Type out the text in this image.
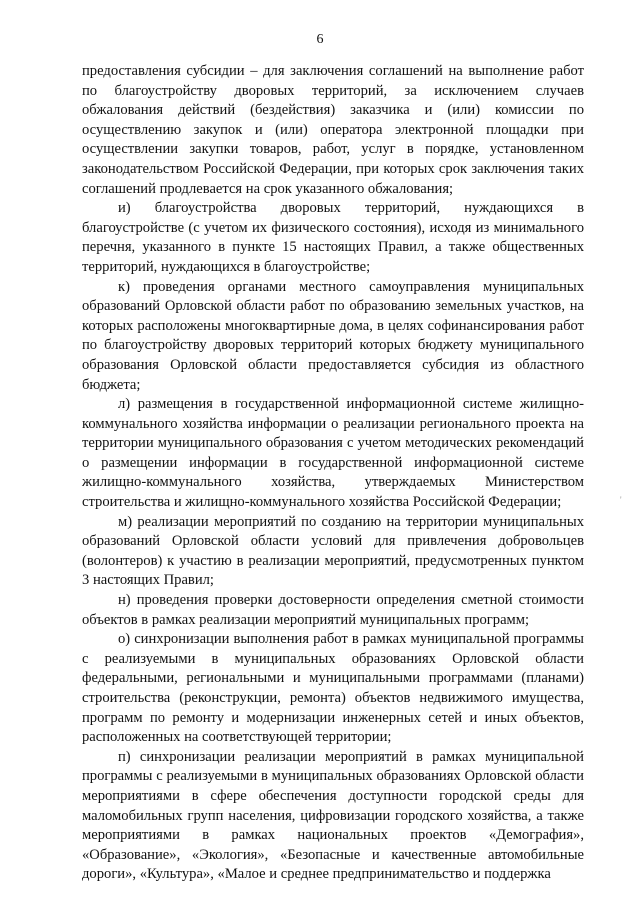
6

предоставления субсидии – для заключения соглашений на выполнение работ по благоустройству дворовых территорий, за исключением случаев обжалования действий (бездействия) заказчика и (или) комиссии по осуществлению закупок и (или) оператора электронной площадки при осуществлении закупки товаров, работ, услуг в порядке, установленном законодательством Российской Федерации, при которых срок заключения таких соглашений продлевается на срок указанного обжалования;

и) благоустройства дворовых территорий, нуждающихся в благоустройстве (с учетом их физического состояния), исходя из минимального перечня, указанного в пункте 15 настоящих Правил, а также общественных территорий, нуждающихся в благоустройстве;

к) проведения органами местного самоуправления муниципальных образований Орловской области работ по образованию земельных участков, на которых расположены многоквартирные дома, в целях софинансирования работ по благоустройству дворовых территорий которых бюджету муниципального образования Орловской области предоставляется субсидия из областного бюджета;

л) размещения в государственной информационной системе жилищно-коммунального хозяйства информации о реализации регионального проекта на территории муниципального образования с учетом методических рекомендаций о размещении информации в государственной информационной системе жилищно-коммунального хозяйства, утверждаемых Министерством строительства и жилищно-коммунального хозяйства Российской Федерации;

м) реализации мероприятий по созданию на территории муниципальных образований Орловской области условий для привлечения добровольцев (волонтеров) к участию в реализации мероприятий, предусмотренных пунктом 3 настоящих Правил;

н) проведения проверки достоверности определения сметной стоимости объектов в рамках реализации мероприятий муниципальных программ;

о) синхронизации выполнения работ в рамках муниципальной программы с реализуемыми в муниципальных образованиях Орловской области федеральными, региональными и муниципальными программами (планами) строительства (реконструкции, ремонта) объектов недвижимого имущества, программ по ремонту и модернизации инженерных сетей и иных объектов, расположенных на соответствующей территории;

п) синхронизации реализации мероприятий в рамках муниципальной программы с реализуемыми в муниципальных образованиях Орловской области мероприятиями в сфере обеспечения доступности городской среды для маломобильных групп населения, цифровизации городского хозяйства, а также мероприятиями в рамках национальных проектов «Демография», «Образование», «Экология», «Безопасные и качественные автомобильные дороги», «Культура», «Малое и среднее предпринимательство и поддержка

'
